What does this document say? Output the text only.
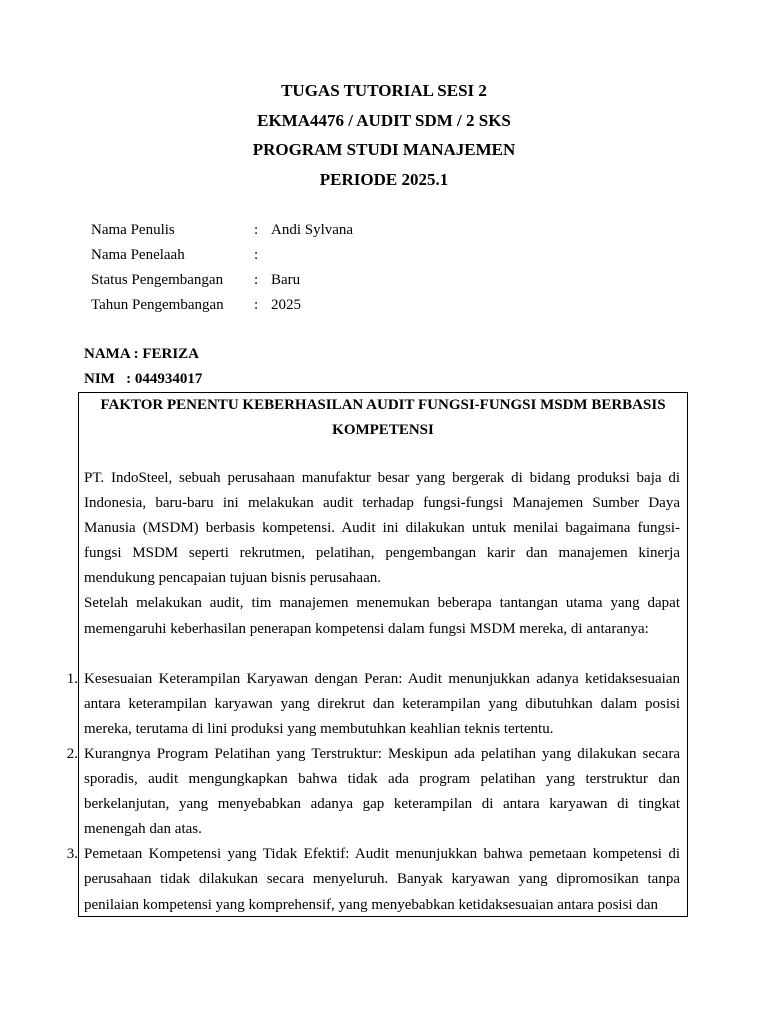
TUGAS TUTORIAL SESI 2
EKMA4476 / AUDIT SDM / 2 SKS
PROGRAM STUDI MANAJEMEN
PERIODE 2025.1
Nama Penulis	: Andi Sylvana
Nama Penelaah	:
Status Pengembangan	: Baru
Tahun Pengembangan	: 2025
NAMA : FERIZA
NIM   : 044934017
FAKTOR PENENTU KEBERHASILAN AUDIT FUNGSI-FUNGSI MSDM BERBASIS KOMPETENSI

PT. IndoSteel, sebuah perusahaan manufaktur besar yang bergerak di bidang produksi baja di Indonesia, baru-baru ini melakukan audit terhadap fungsi-fungsi Manajemen Sumber Daya Manusia (MSDM) berbasis kompetensi. Audit ini dilakukan untuk menilai bagaimana fungsi-fungsi MSDM seperti rekrutmen, pelatihan, pengembangan karir dan manajemen kinerja mendukung pencapaian tujuan bisnis perusahaan.

Setelah melakukan audit, tim manajemen menemukan beberapa tantangan utama yang dapat memengaruhi keberhasilan penerapan kompetensi dalam fungsi MSDM mereka, di antaranya:

1. Kesesuaian Keterampilan Karyawan dengan Peran: Audit menunjukkan adanya ketidaksesuaian antara keterampilan karyawan yang direkrut dan keterampilan yang dibutuhkan dalam posisi mereka, terutama di lini produksi yang membutuhkan keahlian teknis tertentu.

2. Kurangnya Program Pelatihan yang Terstruktur: Meskipun ada pelatihan yang dilakukan secara sporadis, audit mengungkapkan bahwa tidak ada program pelatihan yang terstruktur dan berkelanjutan, yang menyebabkan adanya gap keterampilan di antara karyawan di tingkat menengah dan atas.

3. Pemetaan Kompetensi yang Tidak Efektif: Audit menunjukkan bahwa pemetaan kompetensi di perusahaan tidak dilakukan secara menyeluruh. Banyak karyawan yang dipromosikan tanpa penilaian kompetensi yang komprehensif, yang menyebabkan ketidaksesuaian antara posisi dan
